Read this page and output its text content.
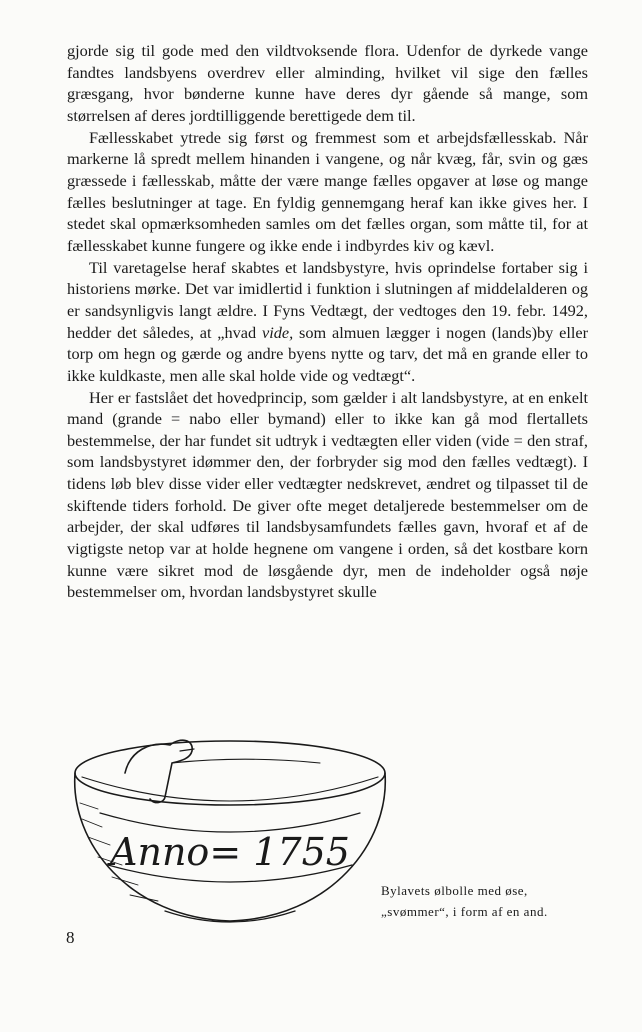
gjorde sig til gode med den vildtvoksende flora. Udenfor de dyrkede vange fandtes landsbyens overdrev eller alminding, hvilket vil sige den fælles græsgang, hvor bønderne kunne have deres dyr gående så mange, som størrelsen af deres jordtilliggende berettigede dem til.

Fællesskabet ytrede sig først og fremmest som et arbejdsfællesskab. Når markerne lå spredt mellem hinanden i vangene, og når kvæg, får, svin og gæs græssede i fællesskab, måtte der være mange fælles opgaver at løse og mange fælles beslutninger at tage. En fyldig gennemgang heraf kan ikke gives her. I stedet skal opmærksomheden samles om det fælles organ, som måtte til, for at fællesskabet kunne fungere og ikke ende i indbyrdes kiv og kævl.

Til varetagelse heraf skabtes et landsbystyre, hvis oprindelse fortaber sig i historiens mørke. Det var imidlertid i funktion i slutningen af middelalderen og er sandsynligvis langt ældre. I Fyns Vedtægt, der vedtoges den 19. febr. 1492, hedder det således, at „hvad vide, som almuen lægger i nogen (lands)by eller torp om hegn og gærde og andre byens nytte og tarv, det må en grande eller to ikke kuldkaste, men alle skal holde vide og vedtægt“.

Her er fastslået det hovedprincip, som gælder i alt landsbystyre, at en enkelt mand (grande = nabo eller bymand) eller to ikke kan gå mod flertallets bestemmelse, der har fundet sit udtryk i vedtægten eller viden (vide = den straf, som landsbystyret idømmer den, der forbryder sig mod den fælles vedtægt). I tidens løb blev disse vider eller vedtægter nedskrevet, ændret og tilpasset til de skiftende tiders forhold. De giver ofte meget detaljerede bestemmelser om de arbejder, der skal udføres til landsbysamfundets fælles gavn, hvoraf et af de vigtigste netop var at holde hegnene om vangene i orden, så det kostbare korn kunne være sikret mod de løsgående dyr, men de indeholder også nøje bestemmelser om, hvordan landsbystyret skulle

Anno= 1755
Bylavets ølbolle med øse,
„svømmer“, i form af en and.
8
